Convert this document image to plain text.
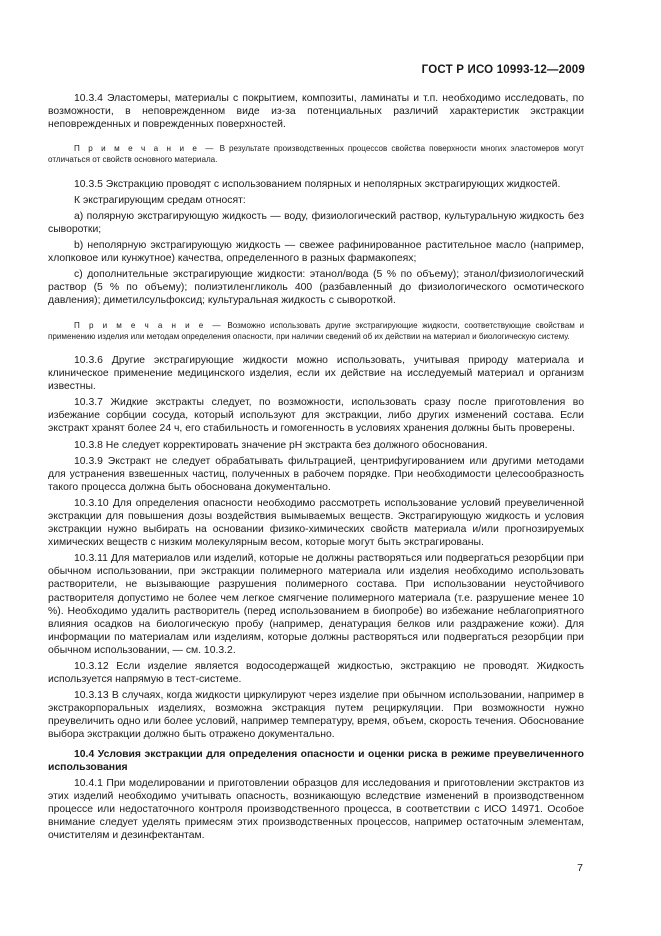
ГОСТ Р ИСО 10993-12—2009

10.3.4 Эластомеры, материалы с покрытием, композиты, ламинаты и т.п. необходимо исследовать, по возможности, в неповрежденном виде из-за потенциальных различий характеристик экстракции неповрежденных и поврежденных поверхностей.

П р и м е ч а н и е — В результате производственных процессов свойства поверхности многих эластомеров могут отличаться от свойств основного материала.

10.3.5 Экстракцию проводят с использованием полярных и неполярных экстрагирующих жидкостей.

К экстрагирующим средам относят:

а) полярную экстрагирующую жидкость — воду, физиологический раствор, культуральную жидкость без сыворотки;

b) неполярную экстрагирующую жидкость — свежее рафинированное растительное масло (например, хлопковое или кунжутное) качества, определенного в разных фармакопеях;

c) дополнительные экстрагирующие жидкости: этанол/вода (5 % по объему); этанол/физиологический раствор (5 % по объему); полиэтиленгликоль 400 (разбавленный до физиологического осмотического давления); диметилсульфоксид; культуральная жидкость с сывороткой.

П р и м е ч а н и е — Возможно использовать другие экстрагирующие жидкости, соответствующие свойствам и применению изделия или методам определения опасности, при наличии сведений об их действии на материал и биологическую систему.

10.3.6 Другие экстрагирующие жидкости можно использовать, учитывая природу материала и клиническое применение медицинского изделия, если их действие на исследуемый материал и организм известны.

10.3.7 Жидкие экстракты следует, по возможности, использовать сразу после приготовления во избежание сорбции сосуда, который используют для экстракции, либо других изменений состава. Если экстракт хранят более 24 ч, его стабильность и гомогенность в условиях хранения должны быть проверены.

10.3.8 Не следует корректировать значение pH экстракта без должного обоснования.

10.3.9 Экстракт не следует обрабатывать фильтрацией, центрифугированием или другими методами для устранения взвешенных частиц, полученных в рабочем порядке. При необходимости целесообразность такого процесса должна быть обоснована документально.

10.3.10 Для определения опасности необходимо рассмотреть использование условий преувеличенной экстракции для повышения дозы воздействия вымываемых веществ. Экстрагирующую жидкость и условия экстракции нужно выбирать на основании физико-химических свойств материала и/или прогнозируемых химических веществ с низким молекулярным весом, которые могут быть экстрагированы.

10.3.11 Для материалов или изделий, которые не должны растворяться или подвергаться резорбции при обычном использовании, при экстракции полимерного материала или изделия необходимо использовать растворители, не вызывающие разрушения полимерного состава. При использовании неустойчивого растворителя допустимо не более чем легкое смягчение полимерного материала (т.е. разрушение менее 10 %). Необходимо удалить растворитель (перед использованием в биопробе) во избежание неблагоприятного влияния осадков на биологическую пробу (например, денатурация белков или раздражение кожи). Для информации по материалам или изделиям, которые должны растворяться или подвергаться резорбции при обычном использовании, — см. 10.3.2.

10.3.12 Если изделие является водосодержащей жидкостью, экстракцию не проводят. Жидкость используется напрямую в тест-системе.

10.3.13 В случаях, когда жидкости циркулируют через изделие при обычном использовании, например в экстракорпоральных изделиях, возможна экстракция путем рециркуляции. При возможности нужно преувеличить одно или более условий, например температуру, время, объем, скорость течения. Обоснование выбора экстракции должно быть отражено документально.

10.4 Условия экстракции для определения опасности и оценки риска в режиме преувеличенного использования

10.4.1 При моделировании и приготовлении образцов для исследования и приготовлении экстрактов из этих изделий необходимо учитывать опасность, возникающую вследствие изменений в производственном процессе или недостаточного контроля производственного процесса, в соответствии с ИСО 14971. Особое внимание следует уделять примесям этих производственных процессов, например остаточным элементам, очистителям и дезинфектантам.

7
